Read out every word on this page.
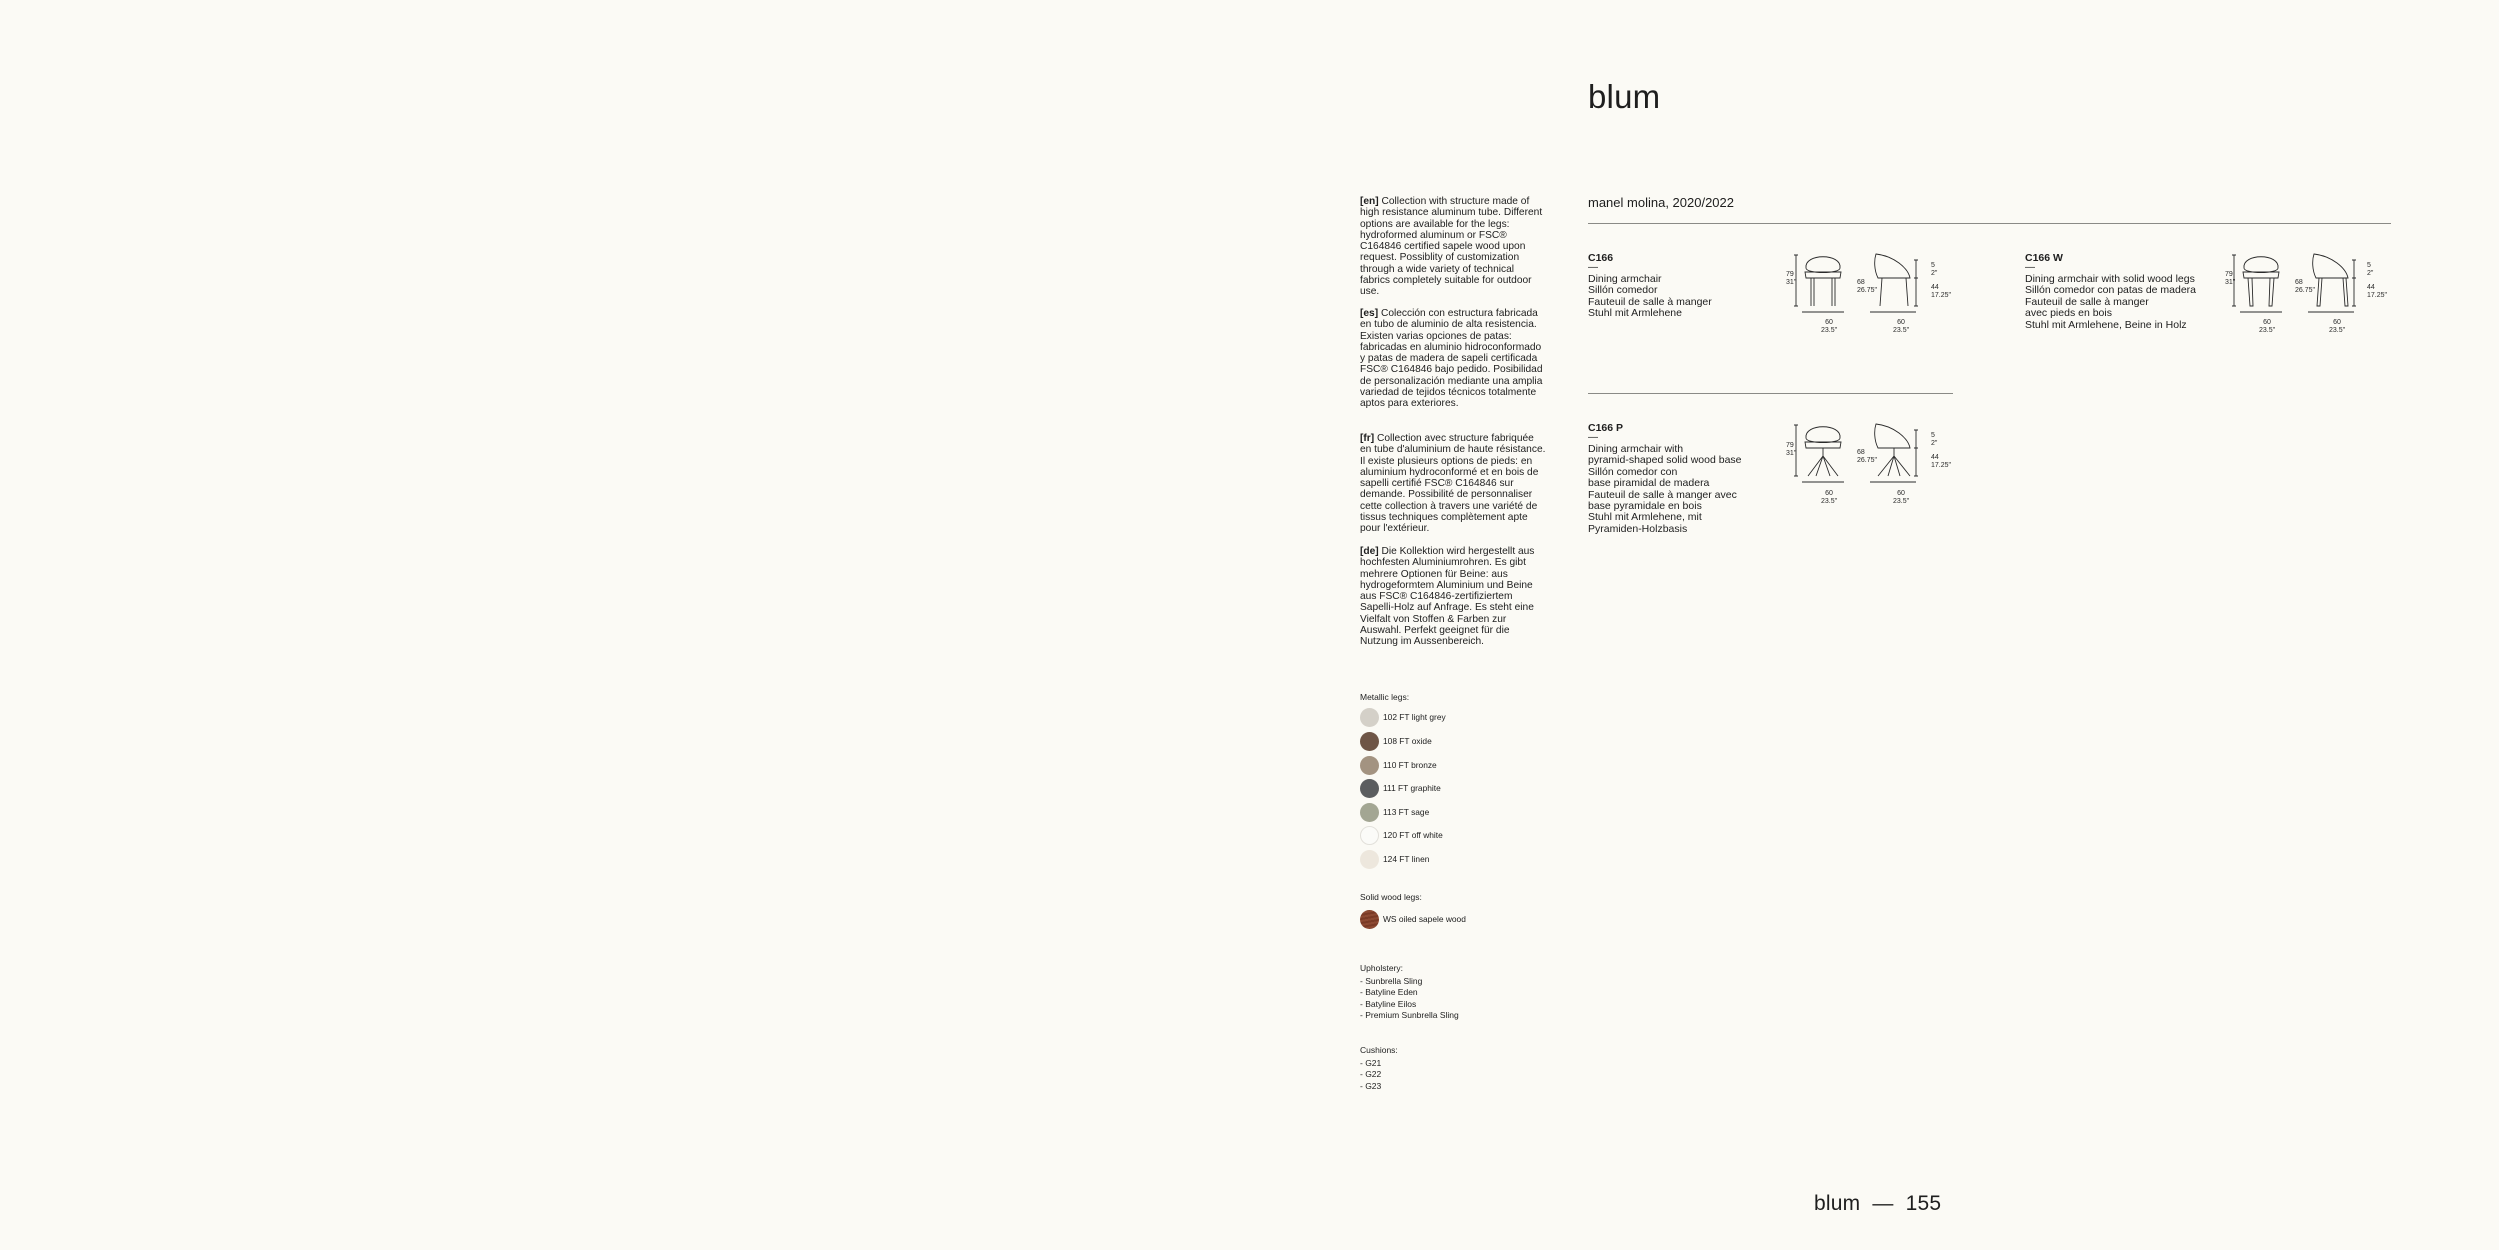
blum
manel molina, 2020/2022
[en] Collection with structure made of high resistance aluminum tube. Different options are available for the legs: hydroformed aluminum or FSC® C164846 certified sapele wood upon request. Possiblity of customization through a wide variety of technical fabrics completely suitable for outdoor use.
[es] Colección con estructura fabricada en tubo de aluminio de alta resistencia. Existen varias opciones de patas: fabricadas en aluminio hidroconformado y patas de madera de sapeli certificada FSC® C164846 bajo pedido. Posibilidad de personalización mediante una amplia variedad de tejidos técnicos totalmente aptos para exteriores.
[fr] Collection avec structure fabriquée en tube d'aluminium de haute résistance. Il existe plusieurs options de pieds: en aluminium hydroconformé et en bois de sapelli certifié FSC® C164846 sur demande. Possibilité de personnaliser cette collection à travers une variété de tissus techniques complètement apte pour l'extérieur.
[de] Die Kollektion wird hergestellt aus hochfesten Aluminiumrohren. Es gibt mehrere Optionen für Beine: aus hydrogeformtem Aluminium und Beine aus FSC® C164846-zertifiziertem Sapelli-Holz auf Anfrage. Es steht eine Vielfalt von Stoffen & Farben zur Auswahl. Perfekt geeignet für die Nutzung im Aussenbereich.
Metallic legs:
102 FT light grey
108 FT oxide
110 FT bronze
111 FT graphite
113 FT sage
120 FT off white
124 FT linen
Solid wood legs:
WS oiled sapele wood
Upholstery:
- Sunbrella Sling
- Batyline Eden
- Batyline Eilos
- Premium Sunbrella Sling
Cushions:
- G21
- G22
- G23
C166
—
Dining armchair
Sillón comedor
Fauteuil de salle à manger
Stuhl mit Armlehene
C166 W
—
Dining armchair with solid wood legs
Sillón comedor con patas de madera
Fauteuil de salle à manger
avec pieds en bois
Stuhl mit Armlehene, Beine in Holz
C166 P
—
Dining armchair with
pyramid-shaped solid wood base
Sillón comedor con
base piramidal de madera
Fauteuil de salle à manger avec
base pyramidale en bois
Stuhl mit Armlehene, mit
Pyramiden-Holzbasis
79
31"	68
26.75"
5
2"
44
17.25"
60
23.5"
60
23.5"
79
31"	68
26.75"
5
2"
44
17.25"
60
23.5"
60
23.5"
79
31"	68
26.75"
5
2"
44
17.25"
60
23.5"
60
23.5"
blum  —  155
